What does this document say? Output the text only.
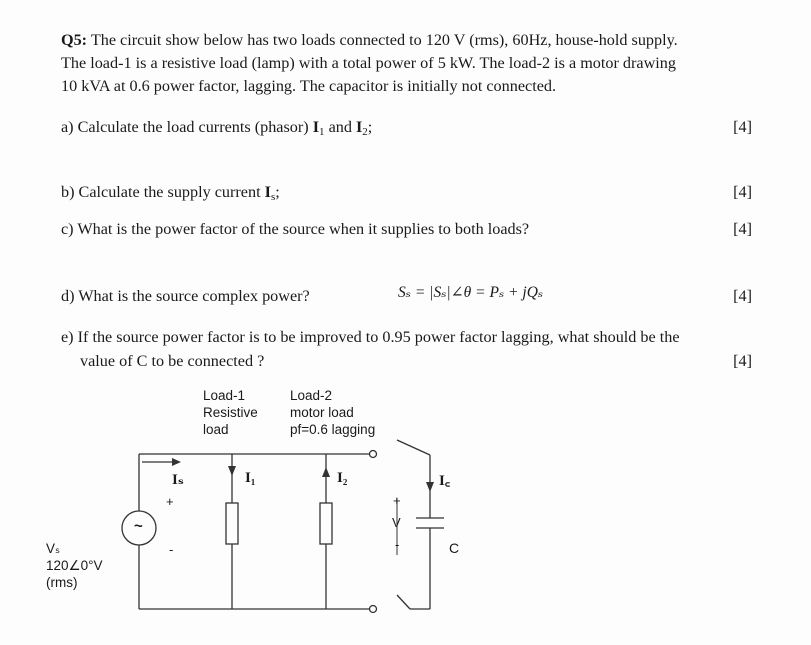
Q5: The circuit show below has two loads connected to 120 V (rms), 60Hz, house-hold supply.
The load-1 is a resistive load (lamp) with a total power of 5 kW. The load-2 is a motor drawing
10 kVA at 0.6 power factor, lagging. The capacitor is initially not connected.
a) Calculate the load currents (phasor) $I_1$ and $I_2$;	[4]
b) Calculate the supply current $I_s$;	[4]
c) What is the power factor of the source when it supplies to both loads?	[4]
d) What is the source complex power?	Sₛ = |Sₛ|∠θ = Pₛ + jQₛ	[4]
e) If the source power factor is to be improved to 0.95 power factor lagging, what should be the
value of C to be connected ?	[4]
Load-1
Resistive
load
Load-2
motor load
pf=0.6 lagging
Iₛ	I₁	I₂	I꜀
+
-
~
+
V
-	C
Vₛ
120∠0°V
(rms)
